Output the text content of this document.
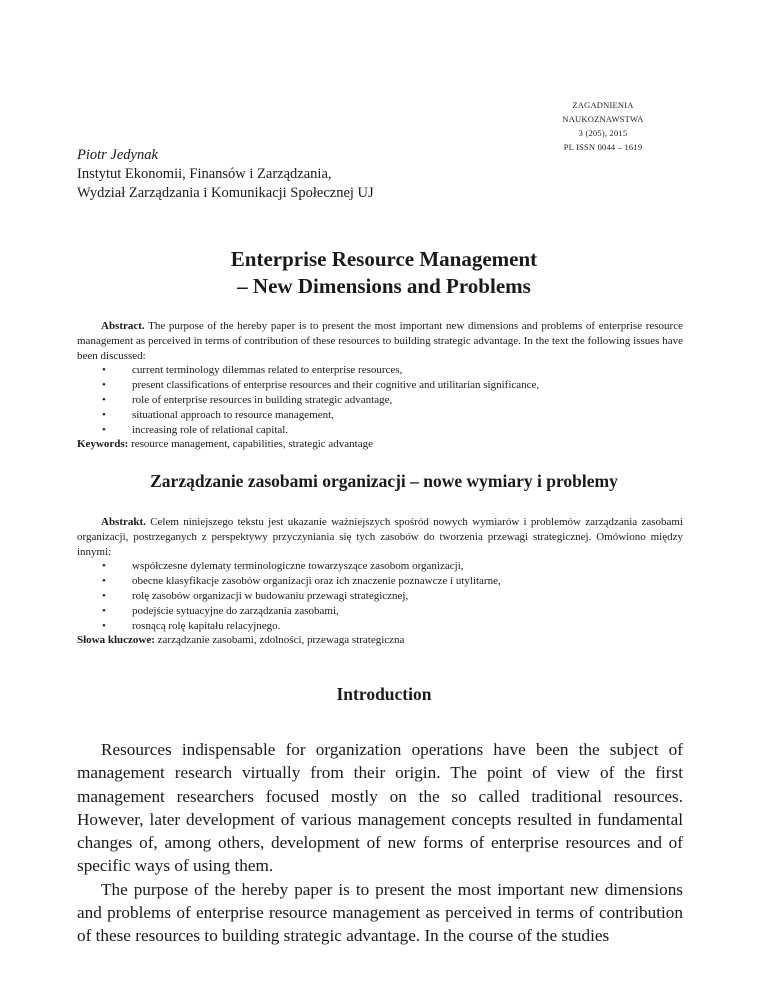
ZAGADNIENIA
NAUKOZNAWSTWA
3 (205), 2015
PL ISSN 0044 – 1619
Piotr Jedynak
Instytut Ekonomii, Finansów i Zarządzania,
Wydział Zarządzania i Komunikacji Społecznej UJ
Enterprise Resource Management
– New Dimensions and Problems

Abstract. The purpose of the hereby paper is to present the most important new dimensions and problems of enterprise resource management as perceived in terms of contribution of these resources to building strategic advantage. In the text the following issues have been discussed:

• current terminology dilemmas related to enterprise resources,
• present classifications of enterprise resources and their cognitive and utilitarian significance,
• role of enterprise resources in building strategic advantage,
• situational approach to resource management,
• increasing role of relational capital.
Keywords: resource management, capabilities, strategic advantage
Zarządzanie zasobami organizacji – nowe wymiary i problemy

Abstrakt. Celem niniejszego tekstu jest ukazanie ważniejszych spośród nowych wymiarów i problemów zarządzania zasobami organizacji, postrzeganych z perspektywy przyczyniania się tych zasobów do tworzenia przewagi strategicznej. Omówiono między innymi:

• współczesne dylematy terminologiczne towarzyszące zasobom organizacji,
• obecne klasyfikacje zasobów organizacji oraz ich znaczenie poznawcze i utylitarne,
• rolę zasobów organizacji w budowaniu przewagi strategicznej,
• podejście sytuacyjne do zarządzania zasobami,
• rosnącą rolę kapitału relacyjnego.
Słowa kluczowe: zarządzanie zasobami, zdolności, przewaga strategiczna
Introduction

Resources indispensable for organization operations have been the subject of management research virtually from their origin. The point of view of the first management researchers focused mostly on the so called traditional resources. However, later development of various management concepts resulted in fundamental changes of, among others, development of new forms of enterprise resources and of specific ways of using them.

The purpose of the hereby paper is to present the most important new dimensions and problems of enterprise resource management as perceived in terms of contribution of these resources to building strategic advantage. In the course of the studies
